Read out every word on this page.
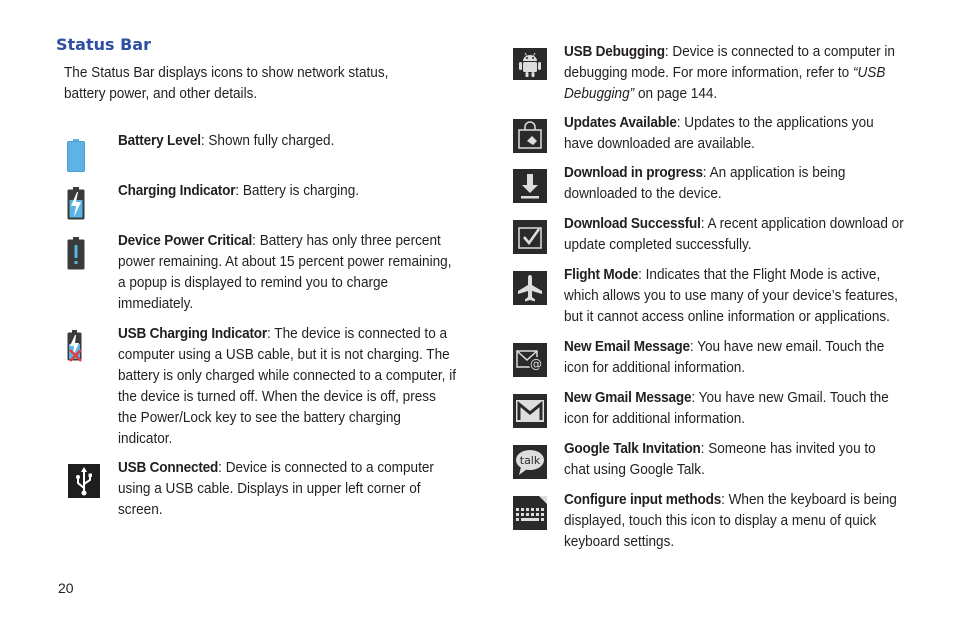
Status Bar

The Status Bar displays icons to show network status, battery power, and other details.

Battery Level: Shown fully charged.
Charging Indicator: Battery is charging.
Device Power Critical: Battery has only three percent power remaining. At about 15 percent power remaining, a popup is displayed to remind you to charge immediately.
USB Charging Indicator: The device is connected to a computer using a USB cable, but it is not charging. The battery is only charged while connected to a computer, if the device is turned off. When the device is off, press the Power/Lock key to see the battery charging indicator.
USB Connected: Device is connected to a computer using a USB cable. Displays in upper left corner of screen.
USB Debugging: Device is connected to a computer in debugging mode. For more information, refer to “USB Debugging” on page 144.
Updates Available: Updates to the applications you have downloaded are available.
Download in progress: An application is being downloaded to the device.
Download Successful: A recent application download or update completed successfully.
Flight Mode: Indicates that the Flight Mode is active, which allows you to use many of your device’s features, but it cannot access online information or applications.
@
New Email Message: You have new email. Touch the icon for additional information.
New Gmail Message: You have new Gmail. Touch the icon for additional information.
talk
Google Talk Invitation: Someone has invited you to chat using Google Talk.
Configure input methods: When the keyboard is being displayed, touch this icon to display a menu of quick keyboard settings.
20
